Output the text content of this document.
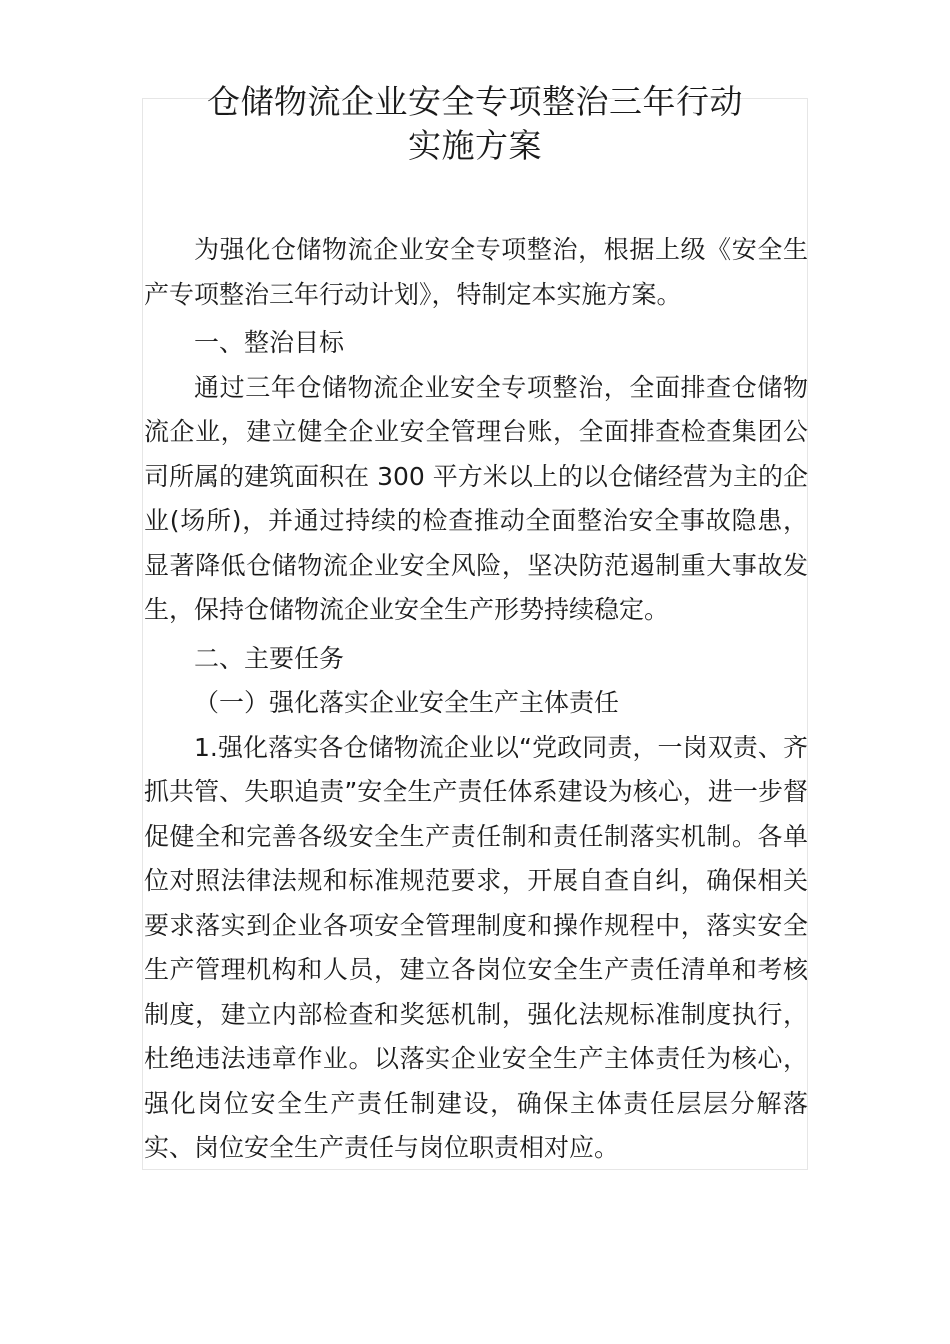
仓储物流企业安全专项整治三年行动
实施方案

为强化仓储物流企业安全专项整治，根据上级《安全生产专项整治三年行动计划》，特制定本实施方案。

一、整治目标

通过三年仓储物流企业安全专项整治，全面排查仓储物流企业，建立健全企业安全管理台账，全面排查检查集团公司所属的建筑面积在 300 平方米以上的以仓储经营为主的企业(场所)，并通过持续的检查推动全面整治安全事故隐患，显著降低仓储物流企业安全风险，坚决防范遏制重大事故发生，保持仓储物流企业安全生产形势持续稳定。

二、主要任务

（一）强化落实企业安全生产主体责任

1.强化落实各仓储物流企业以“党政同责，一岗双责、齐抓共管、失职追责”安全生产责任体系建设为核心，进一步督促健全和完善各级安全生产责任制和责任制落实机制。各单位对照法律法规和标准规范要求，开展自查自纠，确保相关要求落实到企业各项安全管理制度和操作规程中，落实安全生产管理机构和人员，建立各岗位安全生产责任清单和考核制度，建立内部检查和奖惩机制，强化法规标准制度执行，杜绝违法违章作业。以落实企业安全生产主体责任为核心，强化岗位安全生产责任制建设，确保主体责任层层分解落实、岗位安全生产责任与岗位职责相对应。
